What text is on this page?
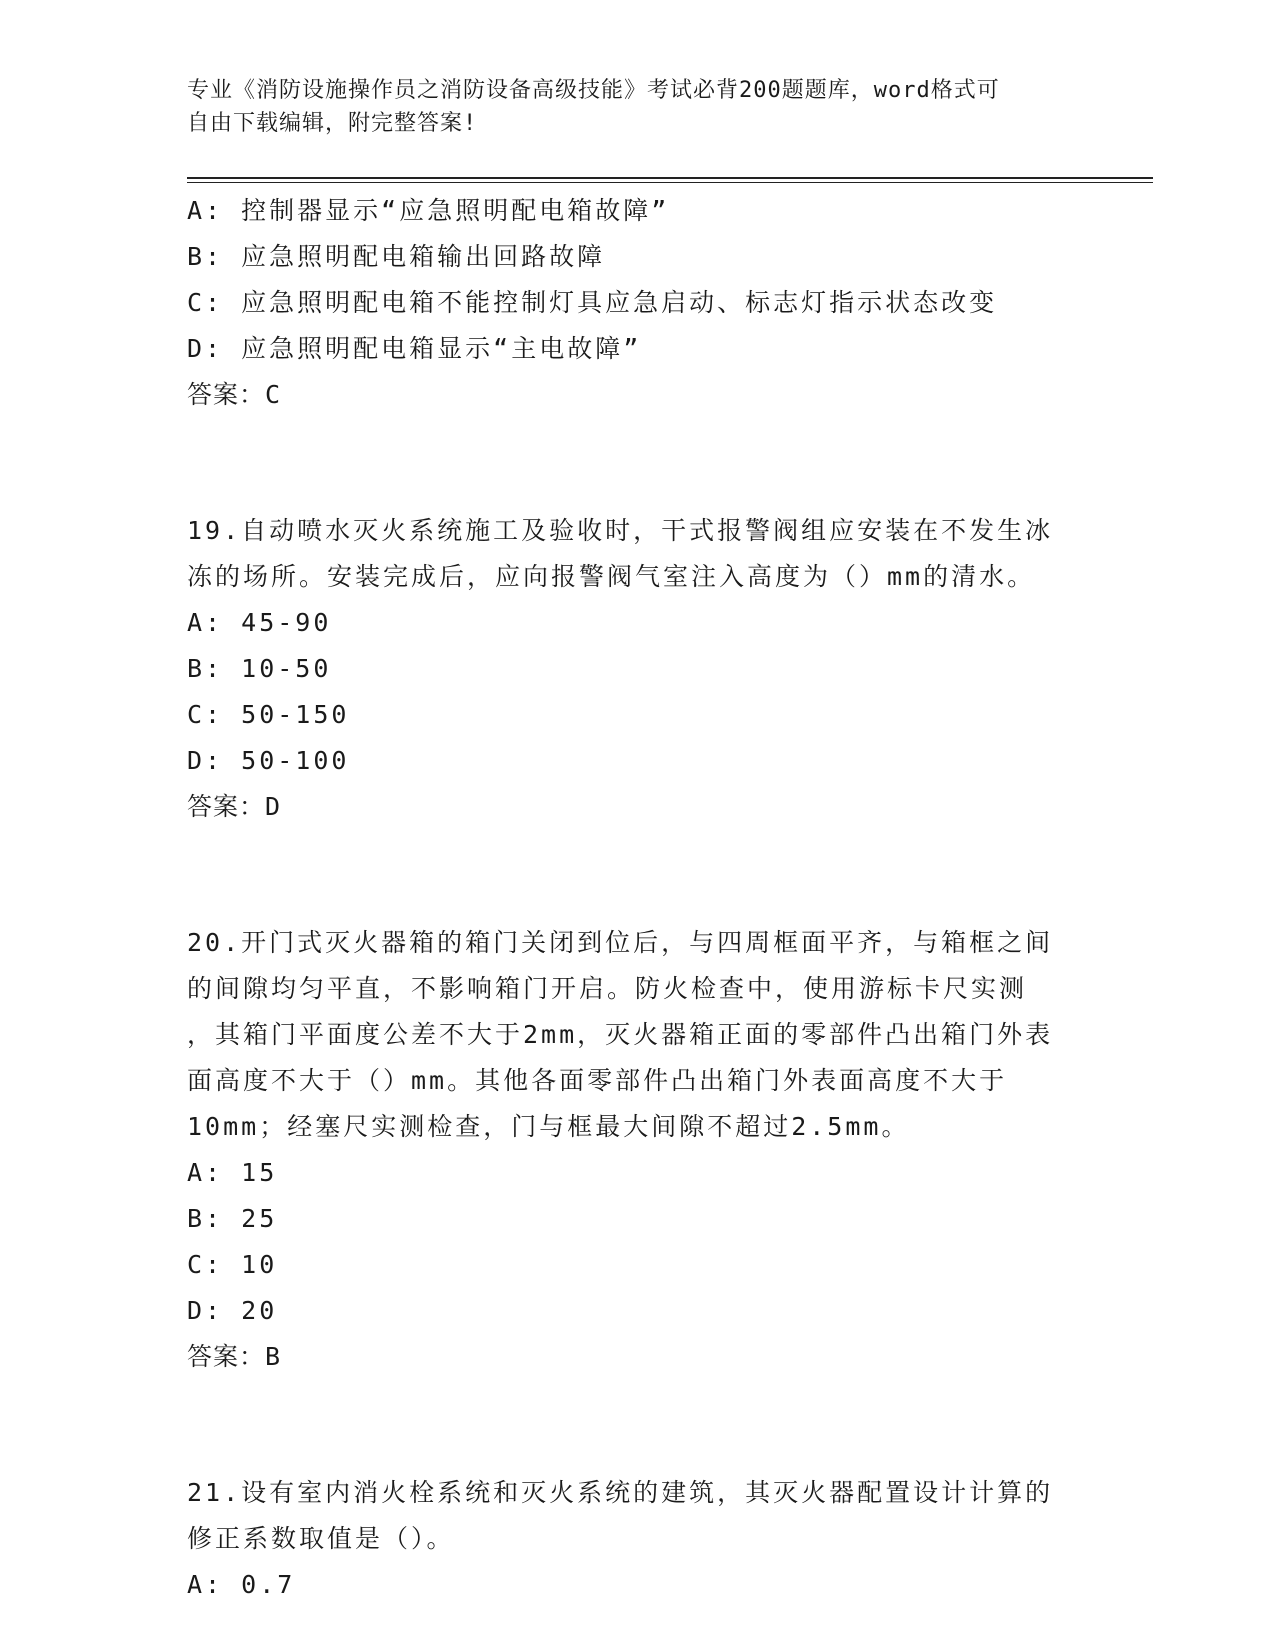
专业《消防设施操作员之消防设备高级技能》考试必背200题题库，word格式可
自由下载编辑，附完整答案!
A: 控制器显示“应急照明配电箱故障”
B: 应急照明配电箱输出回路故障
C: 应急照明配电箱不能控制灯具应急启动、标志灯指示状态改变
D: 应急照明配电箱显示“主电故障”
答案：C
19.自动喷水灭火系统施工及验收时，干式报警阀组应安装在不发生冰
冻的场所。安装完成后，应向报警阀气室注入高度为（）mm的清水。
A: 45-90
B: 10-50
C: 50-150
D: 50-100
答案：D
20.开门式灭火器箱的箱门关闭到位后，与四周框面平齐，与箱框之间
的间隙均匀平直，不影响箱门开启。防火检查中，使用游标卡尺实测
，其箱门平面度公差不大于2mm，灭火器箱正面的零部件凸出箱门外表
面高度不大于（）mm。其他各面零部件凸出箱门外表面高度不大于
10mm；经塞尺实测检查，门与框最大间隙不超过2.5mm。
A: 15
B: 25
C: 10
D: 20
答案：B
21.设有室内消火栓系统和灭火系统的建筑，其灭火器配置设计计算的
修正系数取值是（）。
A: 0.7
